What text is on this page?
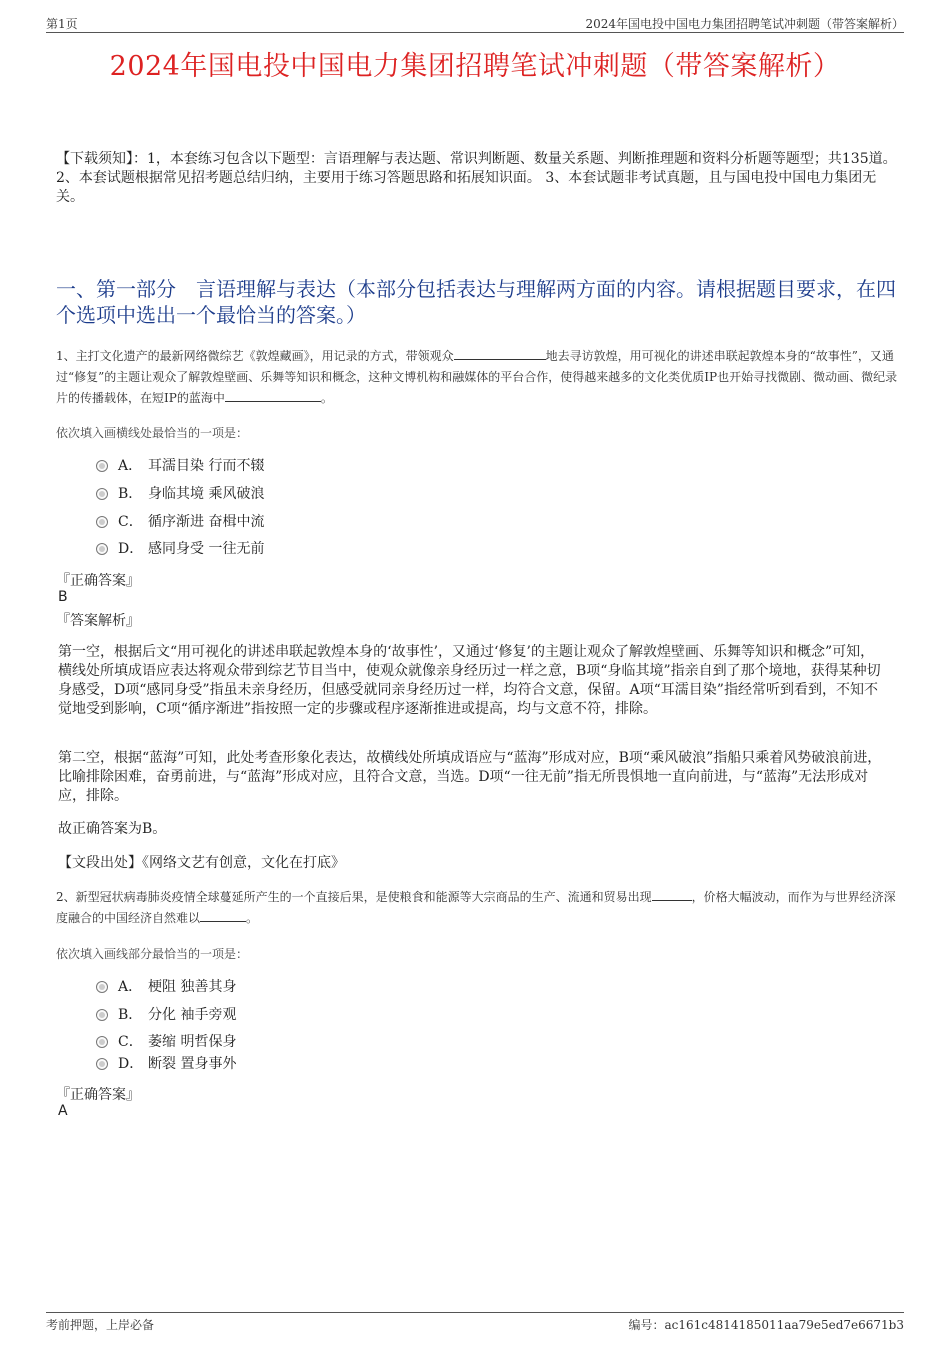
第1页	2024年国电投中国电力集团招聘笔试冲刺题（带答案解析）
2024年国电投中国电力集团招聘笔试冲刺题（带答案解析）
【下载须知】：1，本套练习包含以下题型：言语理解与表达题、常识判断题、数量关系题、判断推理题和资料分析题等题型；共135道。 2、本套试题根据常见招考题总结归纳，主要用于练习答题思路和拓展知识面。 3、本套试题非考试真题，且与国电投中国电力集团无关。
一、第一部分　言语理解与表达（本部分包括表达与理解两方面的内容。请根据题目要求，在四个选项中选出一个最恰当的答案。）
1、主打文化遗产的最新网络微综艺《敦煌藏画》，用记录的方式，带领观众	地去寻访敦煌，用可视化的讲述串联起敦煌本身的“故事性”，又通过“修复”的主题让观众了解敦煌壁画、乐舞等知识和概念，这种文博机构和融媒体的平台合作，使得越来越多的文化类优质IP也开始寻找微剧、微动画、微纪录片的传播载体，在短IP的蓝海中	。
依次填入画横线处最恰当的一项是：
A． 耳濡目染 行而不辍
B． 身临其境 乘风破浪
C． 循序渐进 奋楫中流
D． 感同身受 一往无前
『正确答案』
B
『答案解析』
第一空，根据后文“用可视化的讲述串联起敦煌本身的‘故事性’，又通过‘修复’的主题让观众了解敦煌壁画、乐舞等知识和概念”可知，横线处所填成语应表达将观众带到综艺节目当中，使观众就像亲身经历过一样之意，B项“身临其境”指亲自到了那个境地，获得某种切身感受，D项“感同身受”指虽未亲身经历，但感受就同亲身经历过一样，均符合文意，保留。A项“耳濡目染”指经常听到看到，不知不觉地受到影响，C项“循序渐进”指按照一定的步骤或程序逐渐推进或提高，均与文意不符，排除。
第二空，根据“蓝海”可知，此处考查形象化表达，故横线处所填成语应与“蓝海”形成对应，B项“乘风破浪”指船只乘着风势破浪前进，比喻排除困难，奋勇前进，与“蓝海”形成对应，且符合文意，当选。D项“一往无前”指无所畏惧地一直向前进，与“蓝海”无法形成对应，排除。
故正确答案为B。
【文段出处】《网络文艺有创意，文化在打底》
2、新型冠状病毒肺炎疫情全球蔓延所产生的一个直接后果，是使粮食和能源等大宗商品的生产、流通和贸易出现	，价格大幅波动，而作为与世界经济深度融合的中国经济自然难以	。
依次填入画线部分最恰当的一项是：
A． 梗阻 独善其身
B． 分化 袖手旁观
C． 萎缩 明哲保身
D． 断裂 置身事外
『正确答案』
A
考前押题，上岸必备	编号：ac161c4814185011aa79e5ed7e6671b3
